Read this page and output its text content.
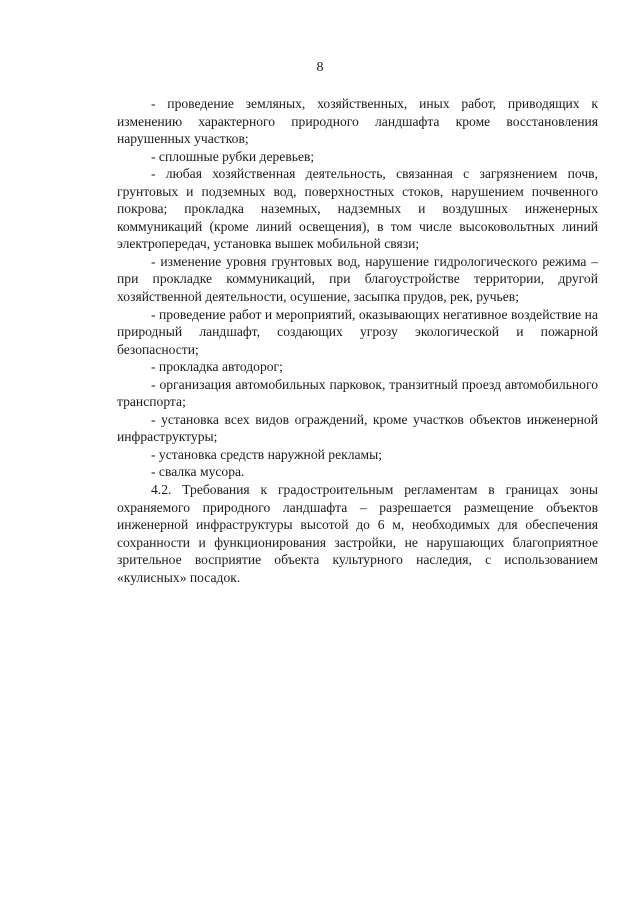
8

- проведение земляных, хозяйственных, иных работ, приводящих к изменению характерного природного ландшафта кроме восстановления нарушенных участков;

- сплошные рубки деревьев;

- любая хозяйственная деятельность, связанная с загрязнением почв, грунтовых и подземных вод, поверхностных стоков, нарушением почвенного покрова; прокладка наземных, надземных и воздушных инженерных коммуникаций (кроме линий освещения), в том числе высоковольтных линий электропередач, установка вышек мобильной связи;

- изменение уровня грунтовых вод, нарушение гидрологического режима – при прокладке коммуникаций, при благоустройстве территории, другой хозяйственной деятельности, осушение, засыпка прудов, рек, ручьев;

- проведение работ и мероприятий, оказывающих негативное воздействие на природный ландшафт, создающих угрозу экологической и пожарной безопасности;

- прокладка автодорог;

- организация автомобильных парковок, транзитный проезд автомобильного транспорта;

- установка всех видов ограждений, кроме участков объектов инженерной инфраструктуры;

- установка средств наружной рекламы;

- свалка мусора.

4.2. Требования к градостроительным регламентам в границах зоны охраняемого природного ландшафта – разрешается размещение объектов инженерной инфраструктуры высотой до 6 м, необходимых для обеспечения сохранности и функционирования застройки, не нарушающих благоприятное зрительное восприятие объекта культурного наследия, с использованием «кулисных» посадок.
